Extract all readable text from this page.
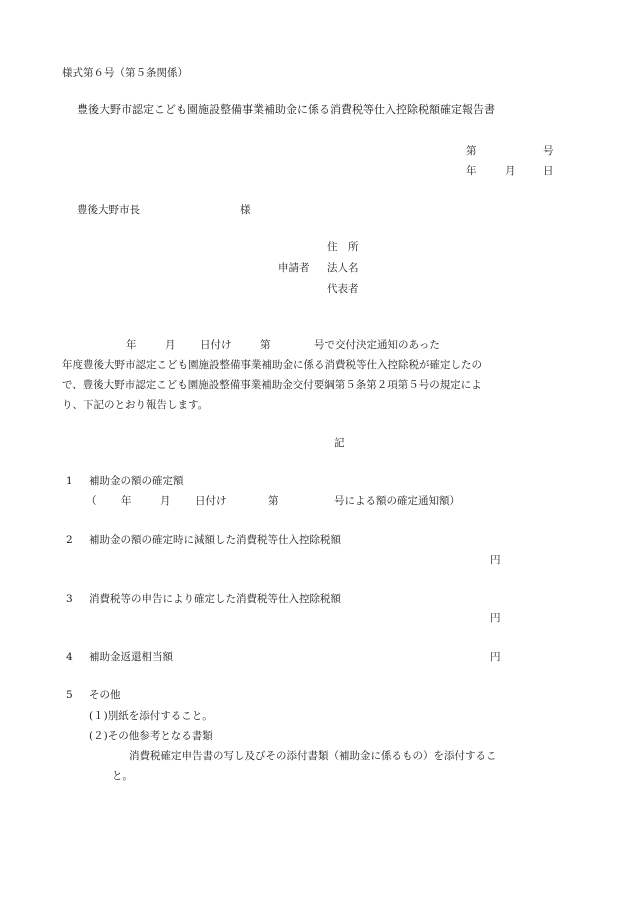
様式第６号（第５条関係）
豊後大野市認定こども園施設整備事業補助金に係る消費税等仕入控除税額確定報告書
第	号
年	月	日
豊後大野市長	様
住　所
申請者 法人名
代表者
年	月 日付け	第	号で交付決定通知のあった
年度豊後大野市認定こども園施設整備事業補助金に係る消費税等仕入控除税が確定したの
で、豊後大野市認定こども園施設整備事業補助金交付要綱第５条第２項第５号の規定によ
り、下記のとおり報告します。
記
1 補助金の額の確定額
（ 年	月 日付け	第	号による額の確定通知額）
2 補助金の額の確定時に減額した消費税等仕入控除税額
円
3 消費税等の申告により確定した消費税等仕入控除税額
円
4 補助金返還相当額	円
5 その他
(１)別紙を添付すること。
(２)その他参考となる書類
消費税確定申告書の写し及びその添付書類（補助金に係るもの）を添付するこ
と。
